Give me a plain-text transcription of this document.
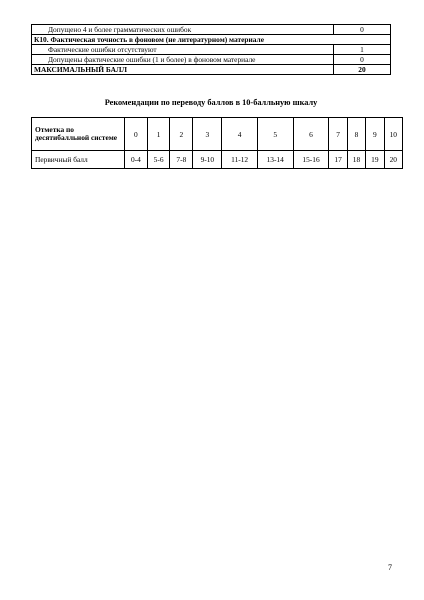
Допущено 4 и более грамматических ошибок	0
К10. Фактическая точность в фоновом (не литературном) материале	
Фактические ошибки отсутствуют	1
Допущены фактические ошибки (1 и более) в фоновом материале	0
МАКСИМАЛЬНЫЙ БАЛЛ	20
Рекомендации по переводу баллов в 10-балльную шкалу
Отметка по десятибалльной системе	0	1	2	3	4	5	6	7	8	9	10
Первичный балл	0-4	5-6	7-8	9-10	11-12	13-14	15-16	17	18	19	20
7
